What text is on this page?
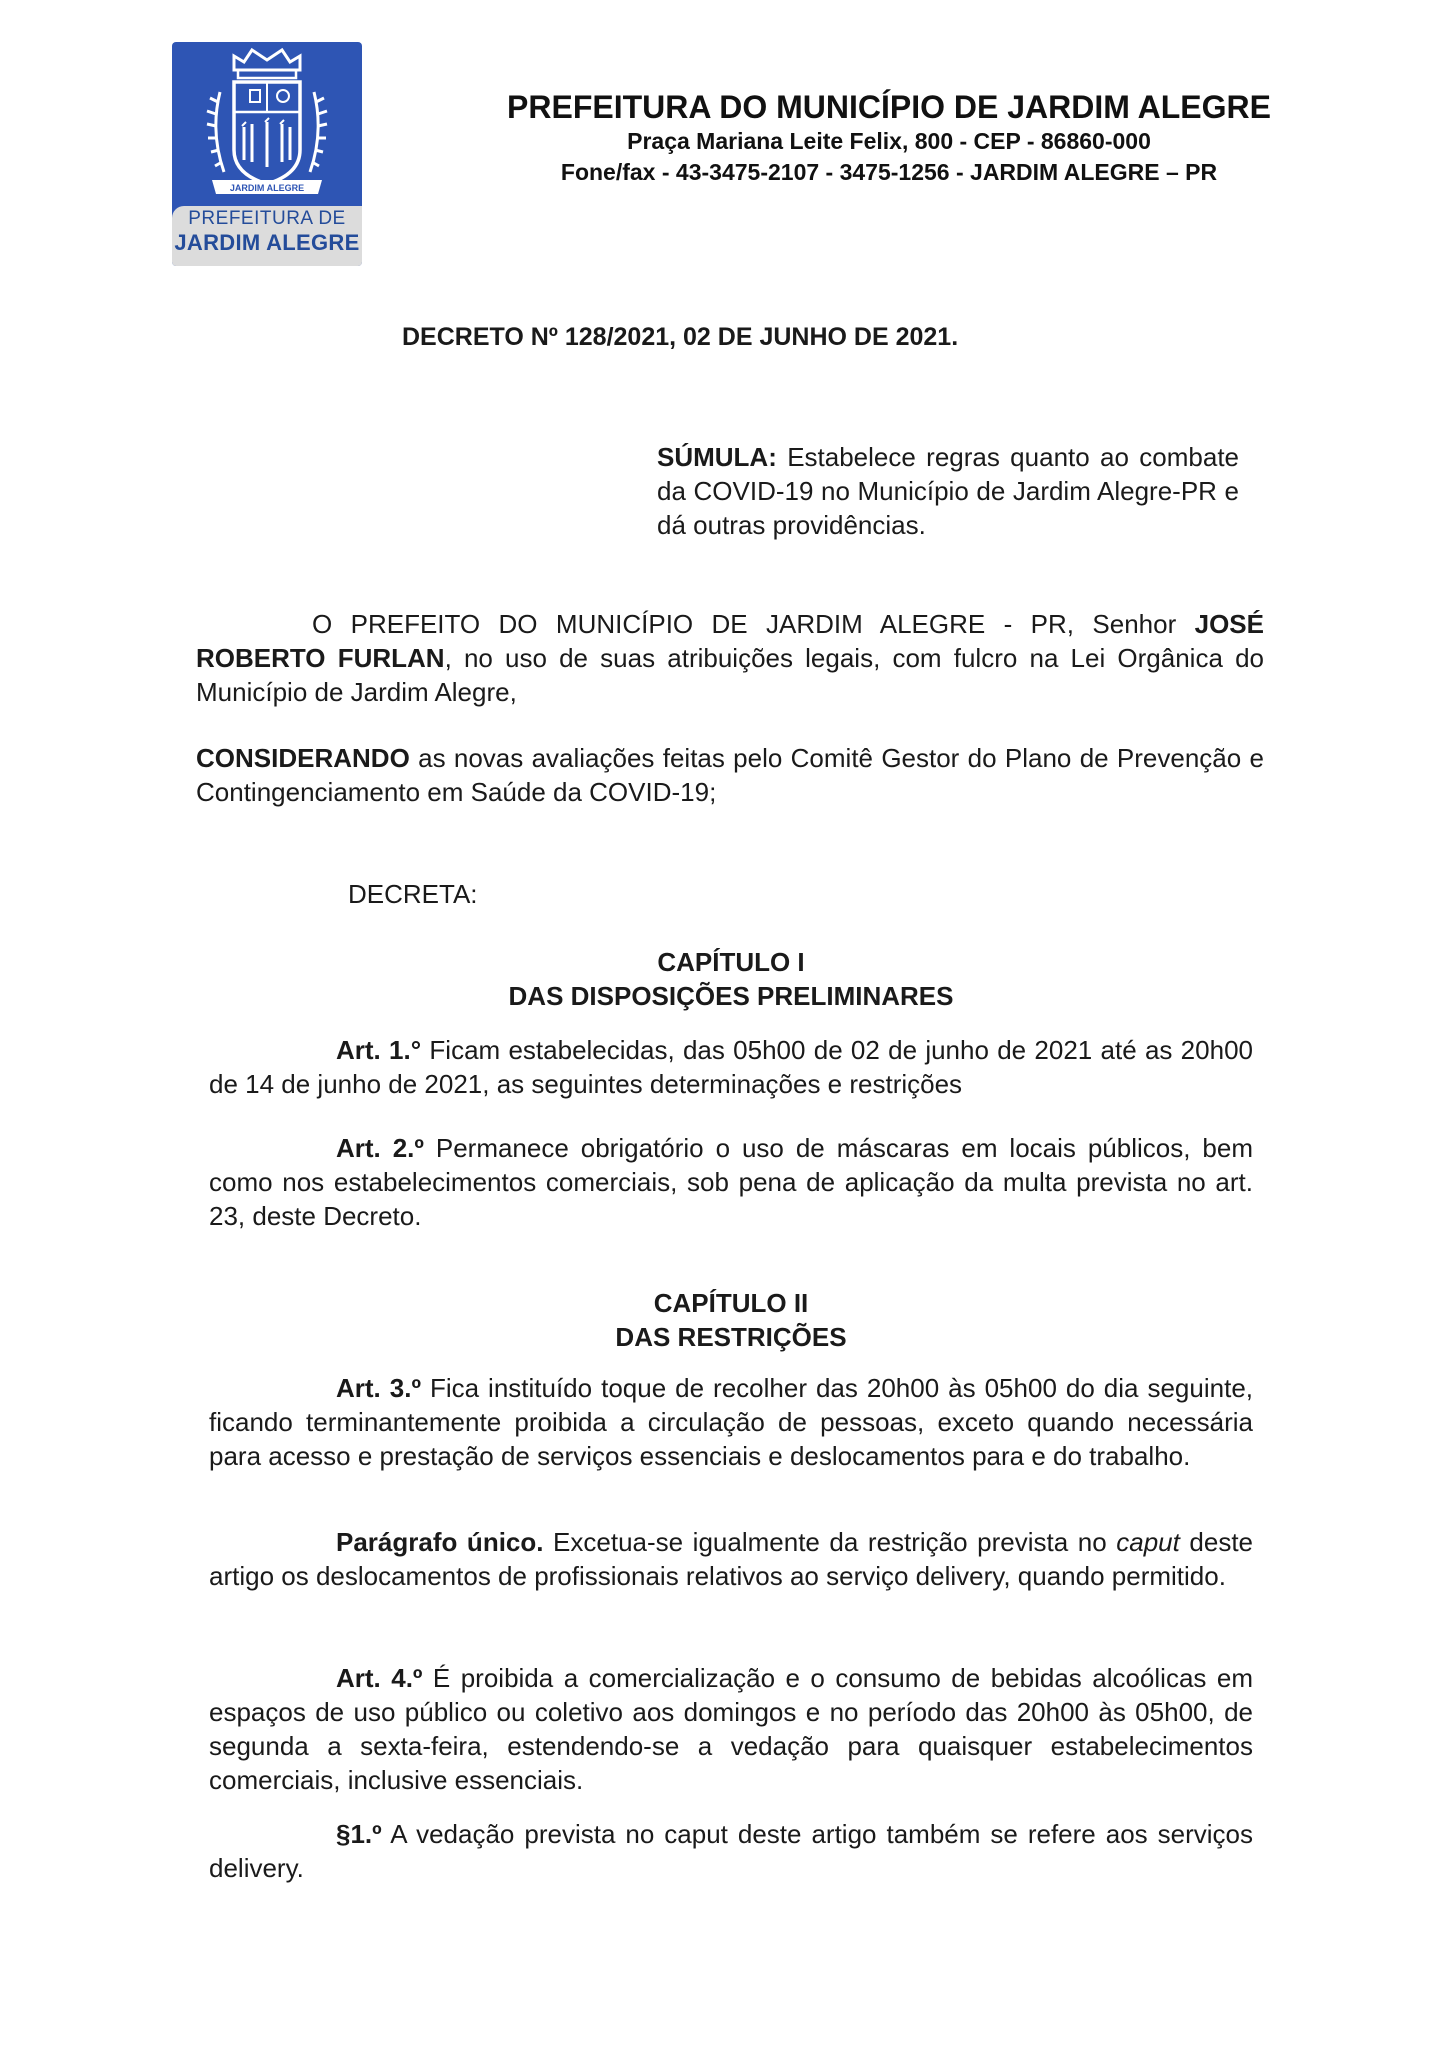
JARDIM ALEGRE
PREFEITURA DE
JARDIM ALEGRE
PREFEITURA DO MUNICÍPIO DE JARDIM ALEGRE
Praça Mariana Leite Felix, 800 - CEP - 86860-000
Fone/fax - 43-3475-2107 - 3475-1256 - JARDIM ALEGRE – PR
DECRETO Nº 128/2021, 02 DE JUNHO DE 2021.
SÚMULA: Estabelece regras quanto ao combate da COVID-19 no Município de Jardim Alegre-PR e dá outras providências.

O PREFEITO DO MUNICÍPIO DE JARDIM ALEGRE - PR, Senhor JOSÉ ROBERTO FURLAN, no uso de suas atribuições legais, com fulcro na Lei Orgânica do Município de Jardim Alegre,

CONSIDERANDO as novas avaliações feitas pelo Comitê Gestor do Plano de Prevenção e Contingenciamento em Saúde da COVID-19;

DECRETA:
CAPÍTULO I
DAS DISPOSIÇÕES PRELIMINARES

Art. 1.° Ficam estabelecidas, das 05h00 de 02 de junho de 2021 até as 20h00 de 14 de junho de 2021, as seguintes determinações e restrições

Art. 2.º Permanece obrigatório o uso de máscaras em locais públicos, bem como nos estabelecimentos comerciais, sob pena de aplicação da multa prevista no art. 23, deste Decreto.

CAPÍTULO II
DAS RESTRIÇÕES

Art. 3.º Fica instituído toque de recolher das 20h00 às 05h00 do dia seguinte, ficando terminantemente proibida a circulação de pessoas, exceto quando necessária para acesso e prestação de serviços essenciais e deslocamentos para e do trabalho.

Parágrafo único. Excetua-se igualmente da restrição prevista no caput deste artigo os deslocamentos de profissionais relativos ao serviço delivery, quando permitido.

Art. 4.º É proibida a comercialização e o consumo de bebidas alcoólicas em espaços de uso público ou coletivo aos domingos e no período das 20h00 às 05h00, de segunda a sexta-feira, estendendo-se a vedação para quaisquer estabelecimentos comerciais, inclusive essenciais.

§1.º A vedação prevista no caput deste artigo também se refere aos serviços delivery.
